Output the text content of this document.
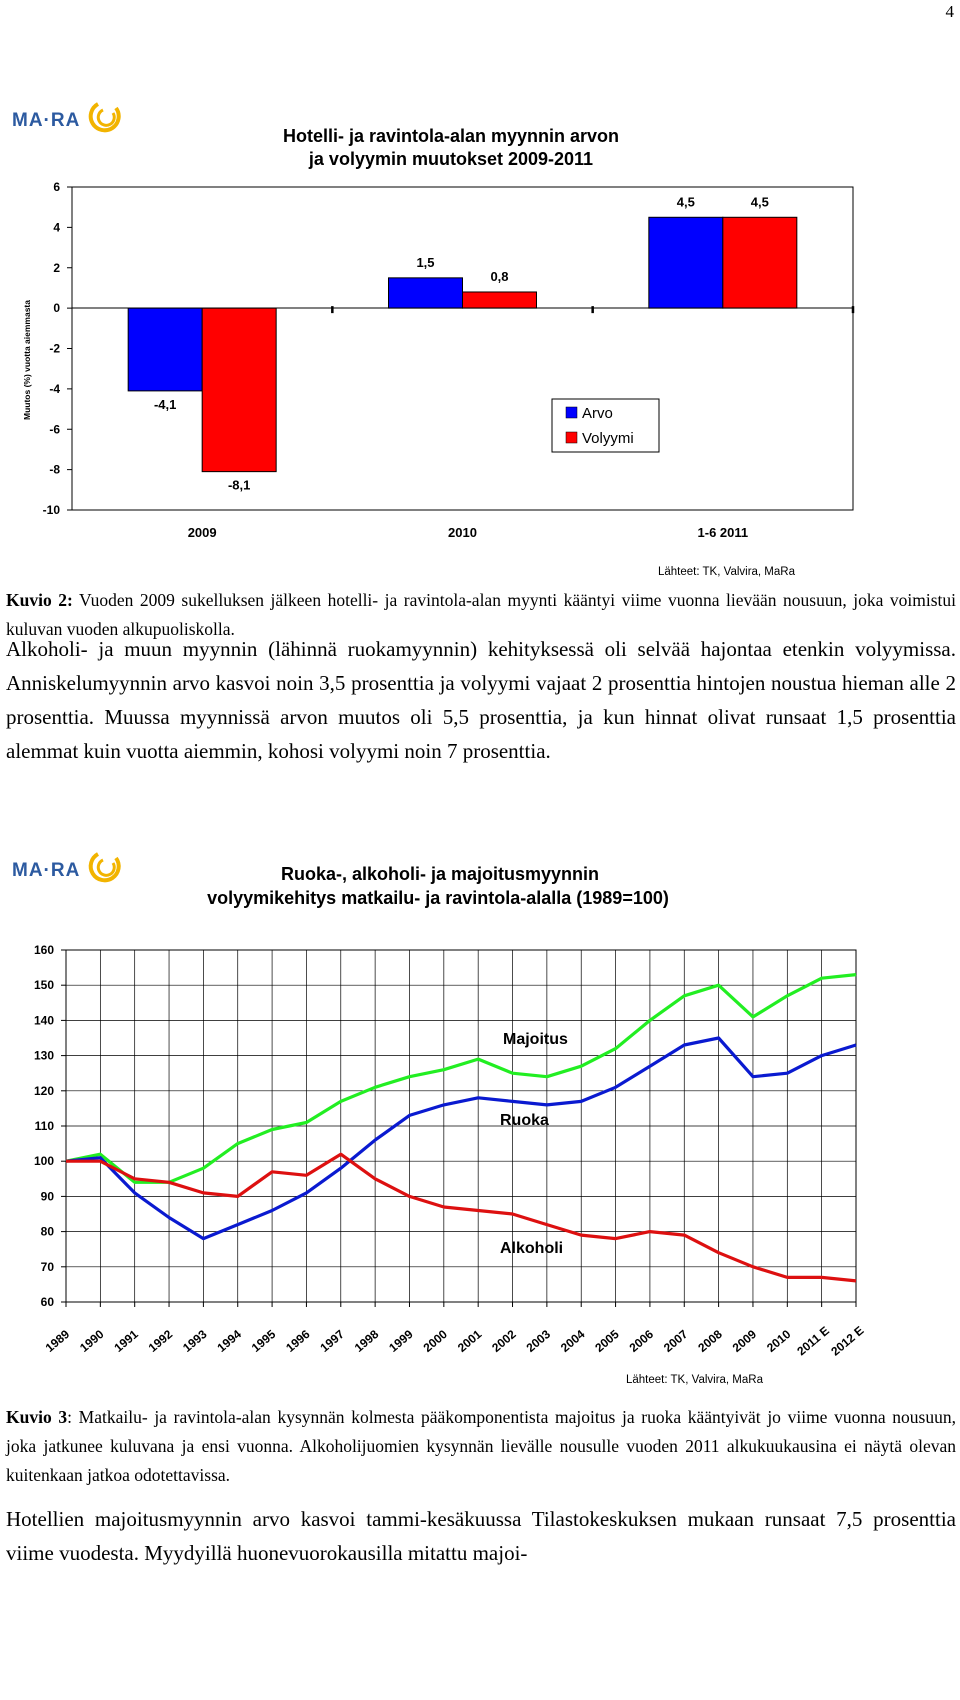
4
MA·RA
Hotelli- ja ravintola-alan myynnin arvon
ja volyymin muutokset 2009-2011
Muutos (%) vuotta aiemmasta
6
4
2
0
-2
-4
-6
-8
-10
-4,1
-8,1
1,5
0,8
4,5	4,5
2009	2010	1-6 2011
Arvo
Volyymi
Lähteet: TK, Valvira, MaRa
Kuvio 2: Vuoden 2009 sukelluksen jälkeen hotelli- ja ravintola-alan myynti kääntyi viime vuonna lievään nousuun, joka voimistui kuluvan vuoden alkupuoliskolla.
Alkoholi- ja muun myynnin (lähinnä ruokamyynnin) kehityksessä oli selvää hajontaa etenkin volyymissa. Anniskelumyynnin arvo kasvoi noin 3,5 prosenttia ja volyymi vajaat 2 prosenttia hintojen noustua hieman alle 2 prosenttia. Muussa myynnissä arvon muutos oli 5,5 prosenttia, ja kun hinnat olivat runsaat 1,5 prosenttia alemmat kuin vuotta aiemmin, kohosi volyymi noin 7 prosenttia.
MA·RA	Ruoka-, alkoholi- ja majoitusmyynnin
volyymikehitys matkailu- ja ravintola-alalla (1989=100)
160
150
140
130
120
110
100
90
80
70
60
1989 1990 1991 1992 1993 1994 1995 1996 1997 1998 1999 2000 2001 2002 2003 2004 2005 2006 2007 2008 2009 2010 2011 E
2012 E
Majoitus
Ruoka
Alkoholi
Lähteet: TK, Valvira, MaRa
Kuvio 3: Matkailu- ja ravintola-alan kysynnän kolmesta pääkomponentista majoitus ja ruoka kääntyivät jo viime vuonna nousuun, joka jatkunee kuluvana ja ensi vuonna. Alkoholijuomien kysynnän lievälle nousulle vuoden 2011 alkukuukausina ei näytä olevan kuitenkaan jatkoa odotettavissa.
Hotellien majoitusmyynnin arvo kasvoi tammi-kesäkuussa Tilastokeskuksen mukaan runsaat 7,5 prosenttia viime vuodesta. Myydyillä huonevuorokausilla mitattu majoi-
